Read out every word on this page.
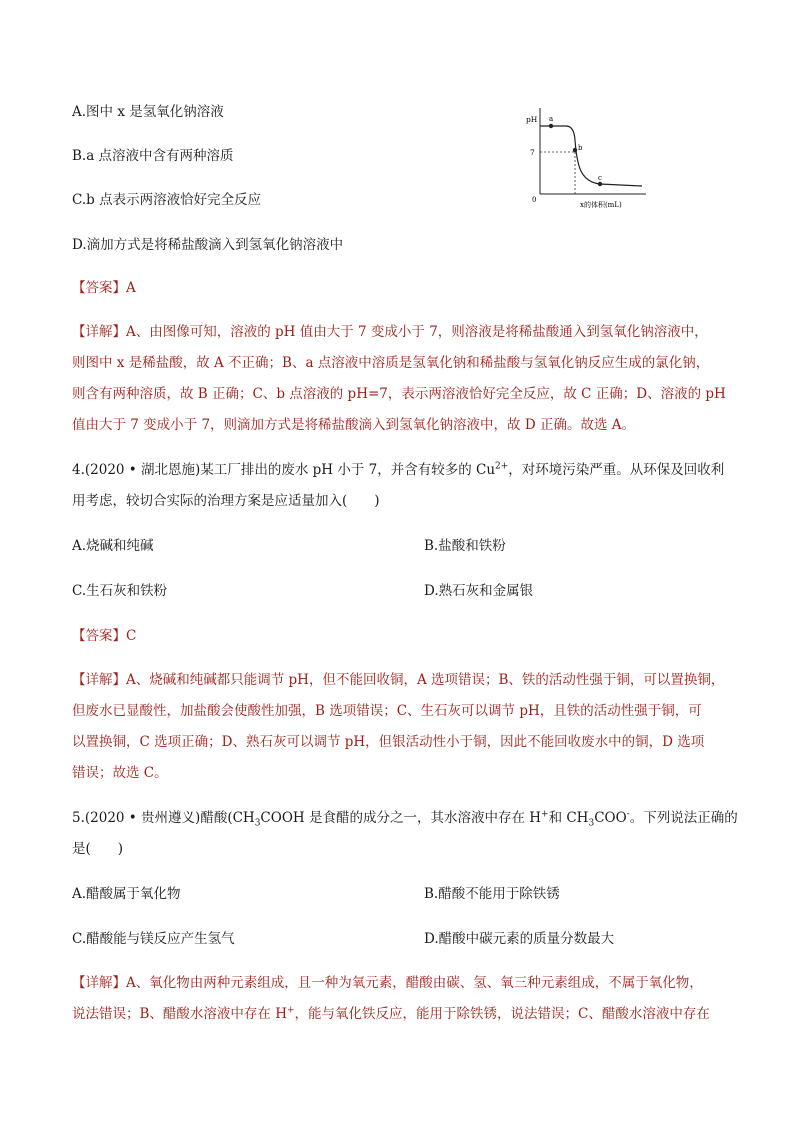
A.图中 x 是氢氧化钠溶液
B.a 点溶液中含有两种溶质
C.b 点表示两溶液恰好完全反应
D.滴加方式是将稀盐酸滴入到氢氧化钠溶液中
pH
7
0
a
b
c
x的体积(mL)
【答案】A
【详解】A、由图像可知，溶液的 pH 值由大于 7 变成小于 7，则溶液是将稀盐酸通入到氢氧化钠溶液中，
则图中 x 是稀盐酸，故 A 不正确；B、a 点溶液中溶质是氢氧化钠和稀盐酸与氢氧化钠反应生成的氯化钠，
则含有两种溶质，故 B 正确；C、b 点溶液的 pH=7，表示两溶液恰好完全反应，故 C 正确；D、溶液的 pH
值由大于 7 变成小于 7，则滴加方式是将稀盐酸滴入到氢氧化钠溶液中，故 D 正确。故选 A。
4.(2020 • 湖北恩施)某工厂排出的废水 pH 小于 7，并含有较多的 $Cu^{2+}$，对环境污染严重。从环保及回收利
用考虑，较切合实际的治理方案是应适量加入(　　)
A.烧碱和纯碱	B.盐酸和铁粉
C.生石灰和铁粉	D.熟石灰和金属银
【答案】C
【详解】A、烧碱和纯碱都只能调节 pH，但不能回收铜，A 选项错误；B、铁的活动性强于铜，可以置换铜，
但废水已显酸性，加盐酸会使酸性加强，B 选项错误；C、生石灰可以调节 pH，且铁的活动性强于铜，可
以置换铜，C 选项正确；D、熟石灰可以调节 pH，但银活动性小于铜，因此不能回收废水中的铜，D 选项
错误；故选 C。
5.(2020 • 贵州遵义)醋酸($CH_3COOH$ 是食醋的成分之一，其水溶液中存在 H+和 $CH_3COO^-$。下列说法正确的
是(　　)
A.醋酸属于氧化物	B.醋酸不能用于除铁锈
C.醋酸能与镁反应产生氢气	D.醋酸中碳元素的质量分数最大
【详解】A、氧化物由两种元素组成，且一种为氧元素，醋酸由碳、氢、氧三种元素组成，不属于氧化物，
说法错误；B、醋酸水溶液中存在 H+，能与氧化铁反应，能用于除铁锈，说法错误；C、醋酸水溶液中存在
